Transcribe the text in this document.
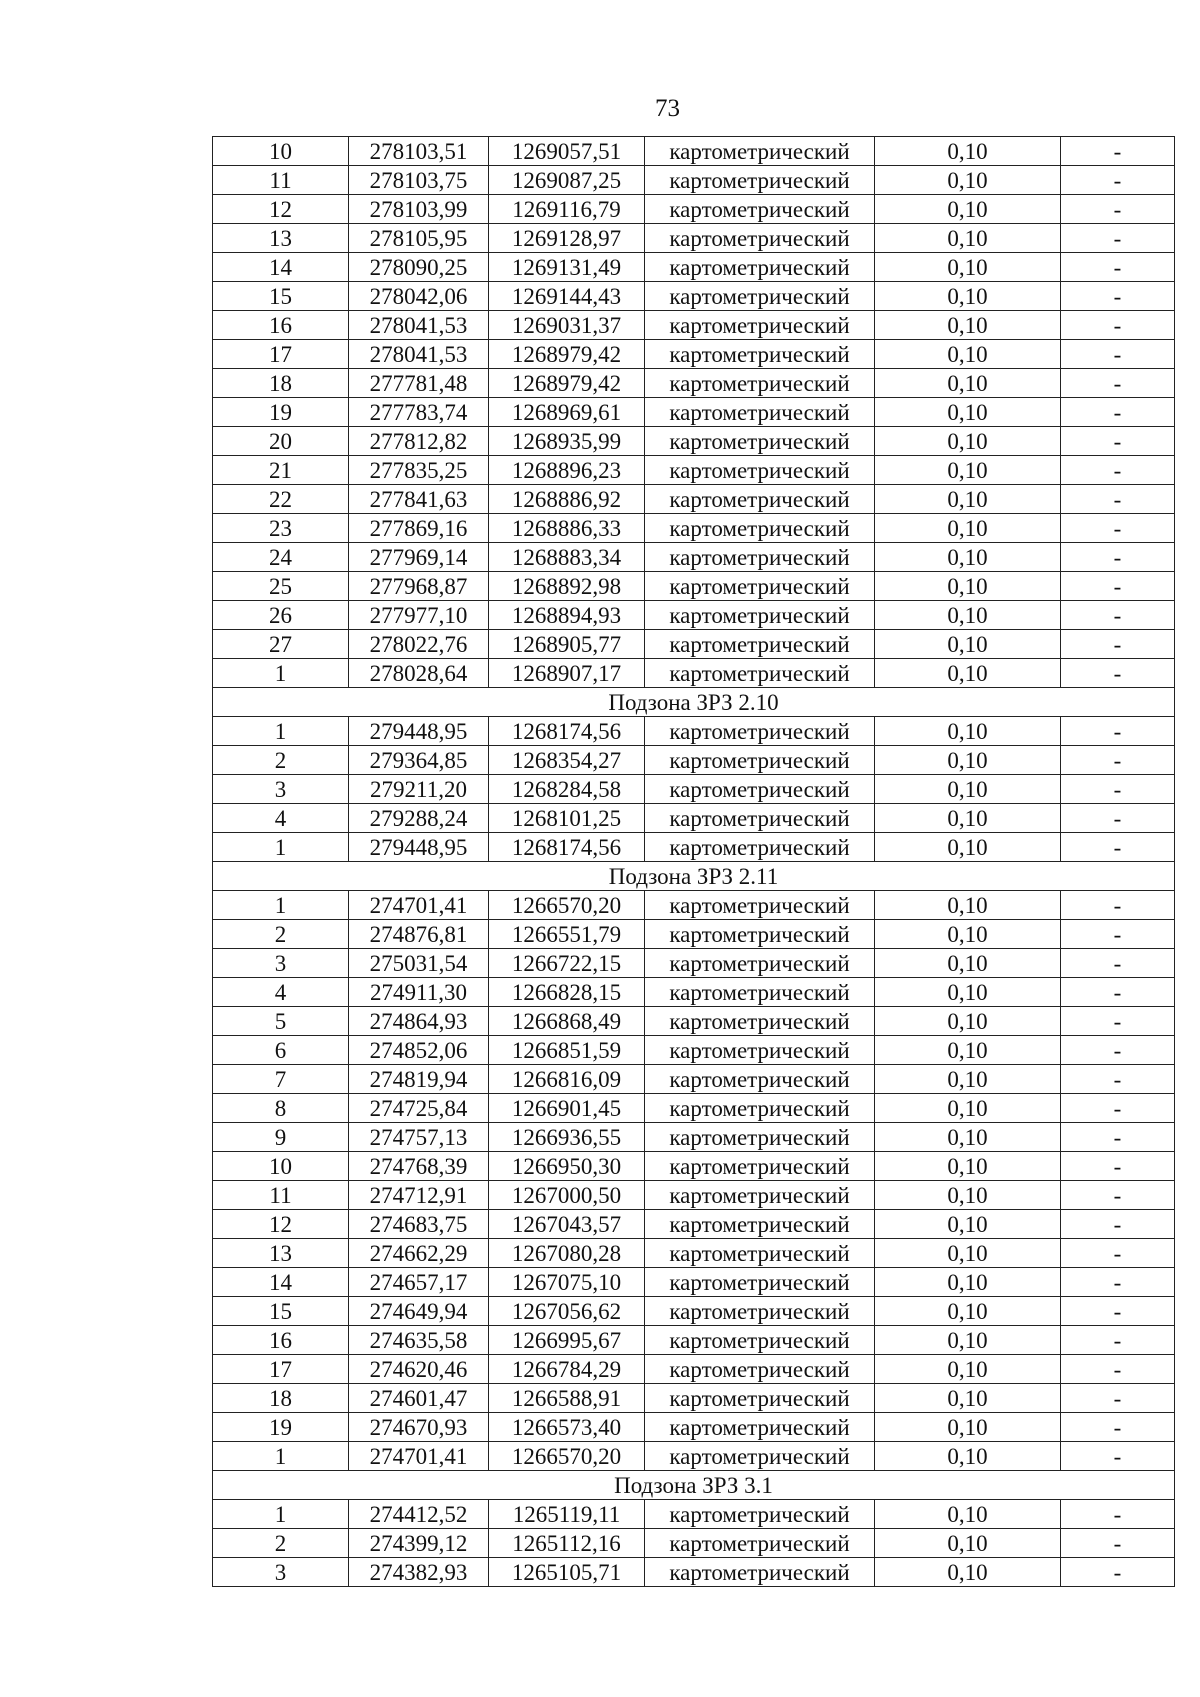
73
10	278103,51	1269057,51	картометрический	0,10	-
11	278103,75	1269087,25	картометрический	0,10	-
12	278103,99	1269116,79	картометрический	0,10	-
13	278105,95	1269128,97	картометрический	0,10	-
14	278090,25	1269131,49	картометрический	0,10	-
15	278042,06	1269144,43	картометрический	0,10	-
16	278041,53	1269031,37	картометрический	0,10	-
17	278041,53	1268979,42	картометрический	0,10	-
18	277781,48	1268979,42	картометрический	0,10	-
19	277783,74	1268969,61	картометрический	0,10	-
20	277812,82	1268935,99	картометрический	0,10	-
21	277835,25	1268896,23	картометрический	0,10	-
22	277841,63	1268886,92	картометрический	0,10	-
23	277869,16	1268886,33	картометрический	0,10	-
24	277969,14	1268883,34	картометрический	0,10	-
25	277968,87	1268892,98	картометрический	0,10	-
26	277977,10	1268894,93	картометрический	0,10	-
27	278022,76	1268905,77	картометрический	0,10	-
1	278028,64	1268907,17	картометрический	0,10	-
Подзона ЗРЗ 2.10					
1	279448,95	1268174,56	картометрический	0,10	-
2	279364,85	1268354,27	картометрический	0,10	-
3	279211,20	1268284,58	картометрический	0,10	-
4	279288,24	1268101,25	картометрический	0,10	-
1	279448,95	1268174,56	картометрический	0,10	-
Подзона ЗРЗ 2.11					
1	274701,41	1266570,20	картометрический	0,10	-
2	274876,81	1266551,79	картометрический	0,10	-
3	275031,54	1266722,15	картометрический	0,10	-
4	274911,30	1266828,15	картометрический	0,10	-
5	274864,93	1266868,49	картометрический	0,10	-
6	274852,06	1266851,59	картометрический	0,10	-
7	274819,94	1266816,09	картометрический	0,10	-
8	274725,84	1266901,45	картометрический	0,10	-
9	274757,13	1266936,55	картометрический	0,10	-
10	274768,39	1266950,30	картометрический	0,10	-
11	274712,91	1267000,50	картометрический	0,10	-
12	274683,75	1267043,57	картометрический	0,10	-
13	274662,29	1267080,28	картометрический	0,10	-
14	274657,17	1267075,10	картометрический	0,10	-
15	274649,94	1267056,62	картометрический	0,10	-
16	274635,58	1266995,67	картометрический	0,10	-
17	274620,46	1266784,29	картометрический	0,10	-
18	274601,47	1266588,91	картометрический	0,10	-
19	274670,93	1266573,40	картометрический	0,10	-
1	274701,41	1266570,20	картометрический	0,10	-
Подзона ЗРЗ 3.1					
1	274412,52	1265119,11	картометрический	0,10	-
2	274399,12	1265112,16	картометрический	0,10	-
3	274382,93	1265105,71	картометрический	0,10	-
